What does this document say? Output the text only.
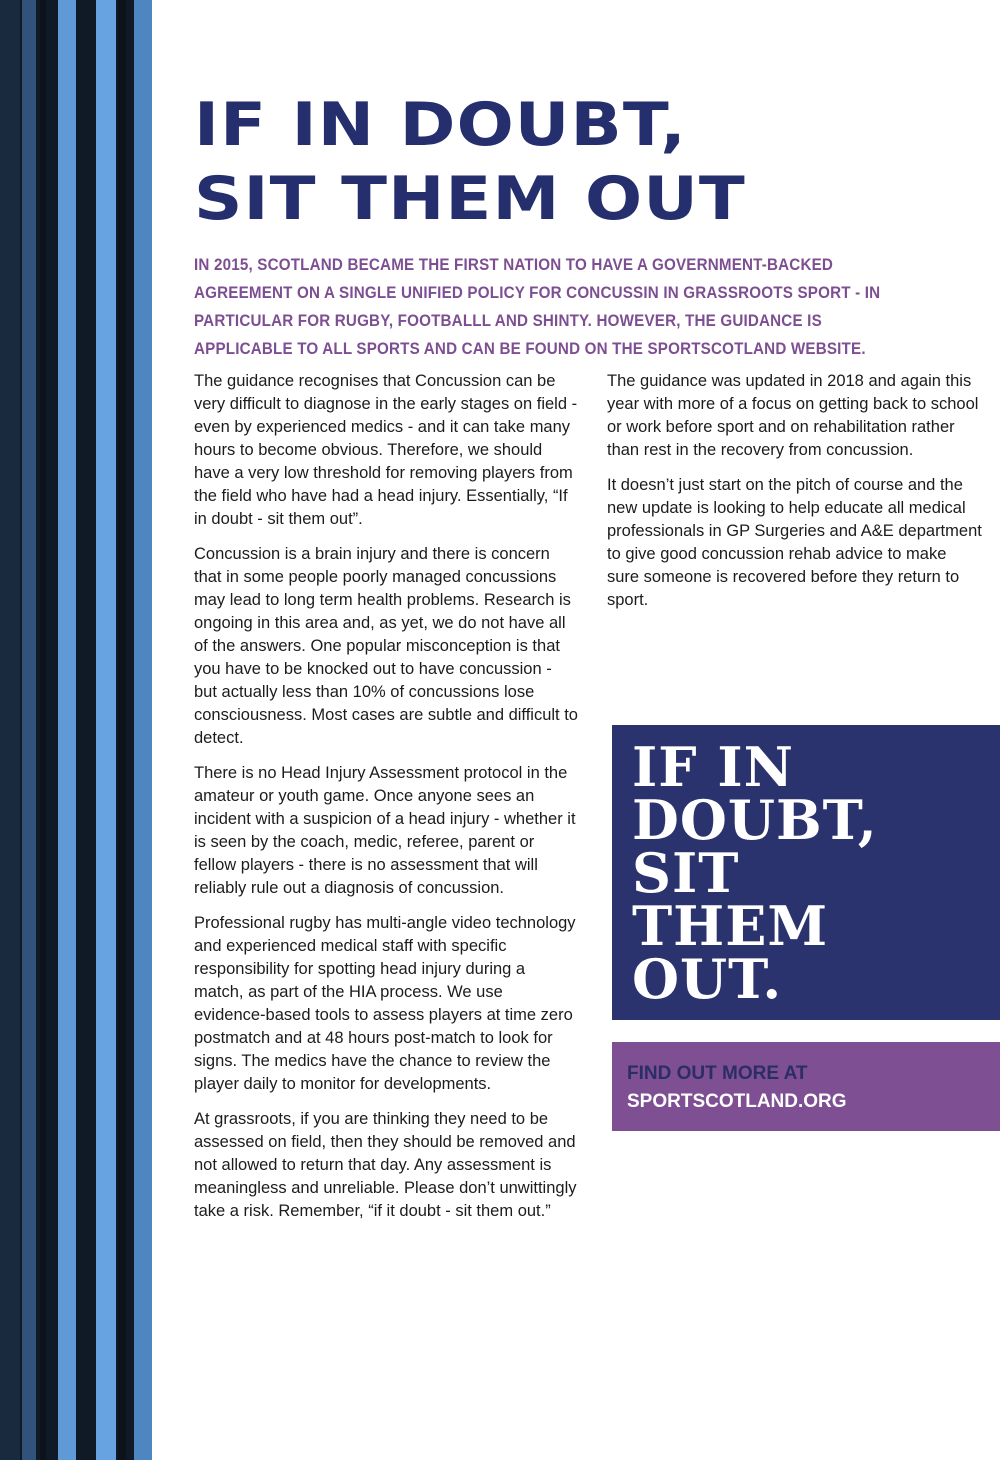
IF IN DOUBT,
SIT THEM OUT

IN 2015, SCOTLAND BECAME THE FIRST NATION TO HAVE A GOVERNMENT-BACKED AGREEMENT ON A SINGLE UNIFIED POLICY FOR CONCUSSIN IN GRASSROOTS SPORT - IN PARTICULAR FOR RUGBY, FOOTBALLL AND SHINTY. HOWEVER, THE GUIDANCE IS APPLICABLE TO ALL SPORTS AND CAN BE FOUND ON THE SPORTSCOTLAND WEBSITE.

The guidance recognises that Concussion can be very difficult to diagnose in the early stages on field - even by experienced medics - and it can take many hours to become obvious. Therefore, we should have a very low threshold for removing players from the field who have had a head injury. Essentially, “If in doubt - sit them out”.

Concussion is a brain injury and there is concern that in some people poorly managed concussions may lead to long term health problems. Research is ongoing in this area and, as yet, we do not have all of the answers. One popular misconception is that you have to be knocked out to have concussion - but actually less than 10% of concussions lose consciousness. Most cases are subtle and difficult to detect.

There is no Head Injury Assessment protocol in the amateur or youth game. Once anyone sees an incident with a suspicion of a head injury - whether it is seen by the coach, medic, referee, parent or fellow players - there is no assessment that will reliably rule out a diagnosis of concussion.

Professional rugby has multi-angle video technology and experienced medical staff with specific responsibility for spotting head injury during a match, as part of the HIA process. We use evidence-based tools to assess players at time zero postmatch and at 48 hours post-match to look for signs. The medics have the chance to review the player daily to monitor for developments.

At grassroots, if you are thinking they need to be assessed on field, then they should be removed and not allowed to return that day. Any assessment is meaningless and unreliable. Please don’t unwittingly take a risk. Remember, “if it doubt - sit them out.”

The guidance was updated in 2018 and again this year with more of a focus on getting back to school or work before sport and on rehabilitation rather than rest in the recovery from concussion.

It doesn’t just start on the pitch of course and the new update is looking to help educate all medical professionals in GP Surgeries and A&E department to give good concussion rehab advice to make sure someone is recovered before they return to sport.

IF IN
DOUBT,
SIT
THEM
OUT.

FIND OUT MORE AT
SPORTSCOTLAND.ORG
